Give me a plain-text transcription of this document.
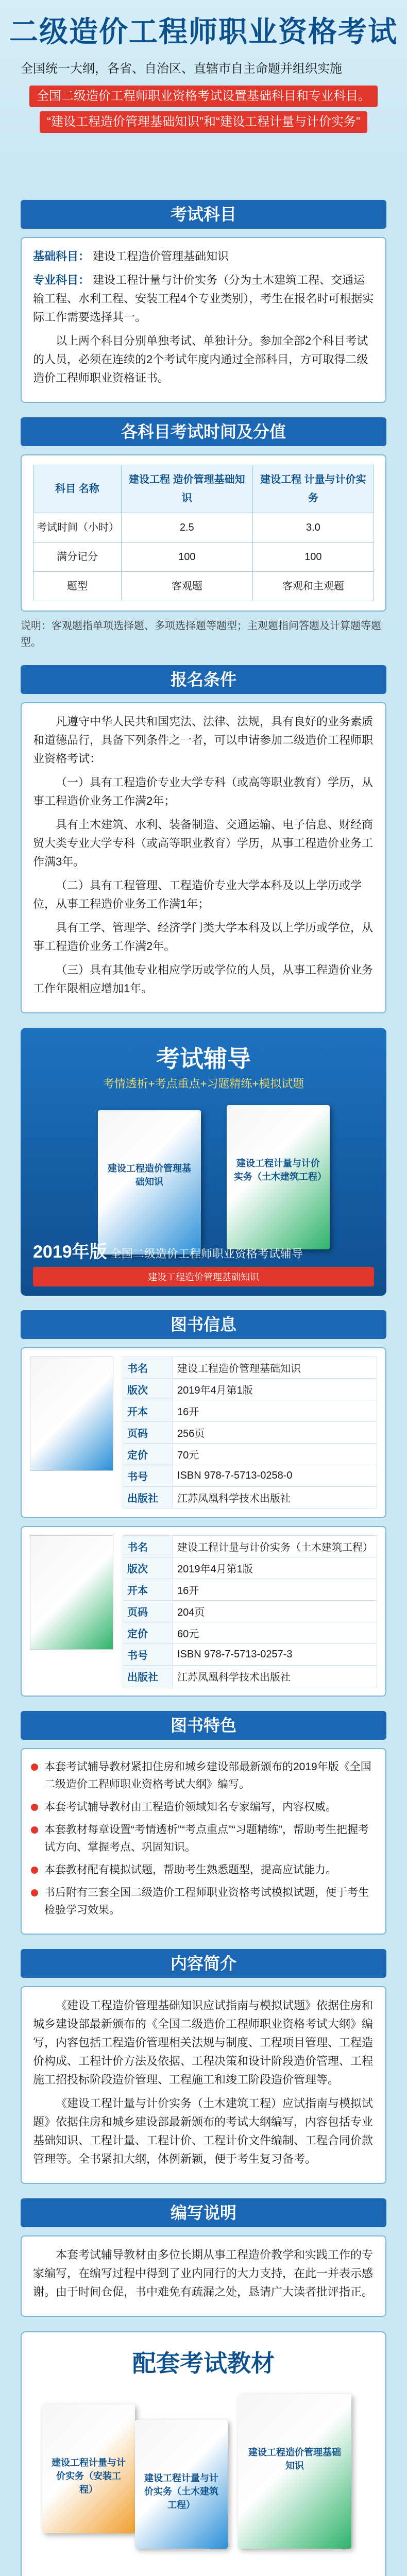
二级造价工程师职业资格考试
全国统一大纲，各省、自治区、直辖市自主命题并组织实施
全国二级造价工程师职业资格考试设置基础科目和专业科目。 “建设工程造价管理基础知识”和“建设工程计量与计价实务”
考试科目

基础科目： 建设工程造价管理基础知识

专业科目： 建设工程计量与计价实务（分为土木建筑工程、交通运输工程、水利工程、安装工程4个专业类别），考生在报名时可根据实际工作需要选择其一。

以上两个科目分别单独考试、单独计分。参加全部2个科目考试的人员，必须在连续的2个考试年度内通过全部科目，方可取得二级造价工程师职业资格证书。

各科目考试时间及分值
科目 名称	建设工程 造价管理基础知识	建设工程 计量与计价实务
考试时间（小时）	2.5	3.0
满分记分	100	100
题型	客观题	客观和主观题
说明：客观题指单项选择题、多项选择题等题型；主观题指问答题及计算题等题型。
报名条件

凡遵守中华人民共和国宪法、法律、法规，具有良好的业务素质和道德品行，具备下列条件之一者，可以申请参加二级造价工程师职业资格考试：

（一）具有工程造价专业大学专科（或高等职业教育）学历，从事工程造价业务工作满2年；

具有土木建筑、水利、装备制造、交通运输、电子信息、财经商贸大类专业大学专科（或高等职业教育）学历，从事工程造价业务工作满3年。

（二）具有工程管理、工程造价专业大学本科及以上学历或学位，从事工程造价业务工作满1年；

具有工学、管理学、经济学门类大学本科及以上学历或学位，从事工程造价业务工作满2年。

（三）具有其他专业相应学历或学位的人员，从事工程造价业务工作年限相应增加1年。

考试辅导
考情透析+考点重点+习题精练+模拟试题
建设工程造价管理基础知识
建设工程计量与计价实务（土木建筑工程）
2019年版 全国二级造价工程师职业资格考试辅导
建设工程造价管理基础知识
图书信息
书名	建设工程造价管理基础知识
版次	2019年4月第1版
开本	16开
页码	256页
定价	70元
书号	ISBN 978-7-5713-0258-0
出版社	江苏凤凰科学技术出版社
书名	建设工程计量与计价实务（土木建筑工程）
版次	2019年4月第1版
开本	16开
页码	204页
定价	60元
书号	ISBN 978-7-5713-0257-3
出版社	江苏凤凰科学技术出版社
图书特色
本套考试辅导教材紧扣住房和城乡建设部最新颁布的2019年版《全国二级造价工程师职业资格考试大纲》编写。
本套考试辅导教材由工程造价领域知名专家编写，内容权威。
本套教材每章设置“考情透析”“考点重点”“习题精练”，帮助考生把握考试方向、掌握考点、巩固知识。
本套教材配有模拟试题，帮助考生熟悉题型，提高应试能力。
书后附有三套全国二级造价工程师职业资格考试模拟试题，便于考生检验学习效果。
内容简介

《建设工程造价管理基础知识应试指南与模拟试题》依据住房和城乡建设部最新颁布的《全国二级造价工程师职业资格考试大纲》编写，内容包括工程造价管理相关法规与制度、工程项目管理、工程造价构成、工程计价方法及依据、工程决策和设计阶段造价管理、工程施工招投标阶段造价管理、工程施工和竣工阶段造价管理等。

《建设工程计量与计价实务（土木建筑工程）应试指南与模拟试题》依据住房和城乡建设部最新颁布的考试大纲编写，内容包括专业基础知识、工程计量、工程计价、工程计价文件编制、工程合同价款管理等。全书紧扣大纲，体例新颖，便于考生复习备考。

编写说明

本套考试辅导教材由多位长期从事工程造价教学和实践工作的专家编写，在编写过程中得到了业内同行的大力支持，在此一并表示感谢。由于时间仓促，书中难免有疏漏之处，恳请广大读者批评指正。

配套考试教材
建设工程计量与计价实务（安装工程）
建设工程计量与计价实务（土木建筑工程）
建设工程造价管理基础知识
